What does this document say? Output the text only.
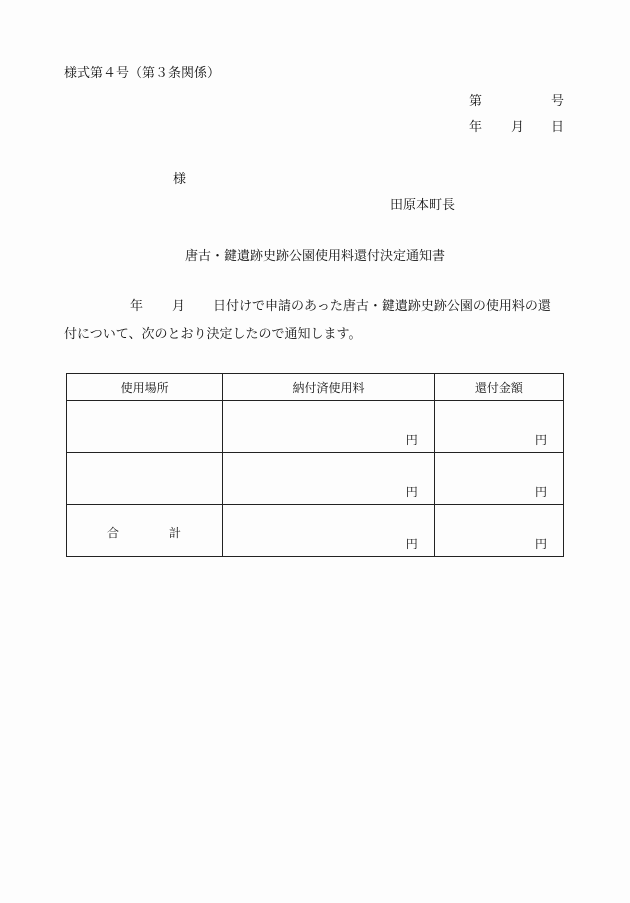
様式第４号（第３条関係）
第	号
年 月 日
様
田原本町長
唐古・鍵遺跡史跡公園使用料還付決定通知書
年 月 日付けで申請のあった唐古・鍵遺跡史跡公園の使用料の還
付について、次のとおり決定したので通知します。
使用場所	納付済使用料	還付金額

	円	円

	円	円

合 計	円	円
